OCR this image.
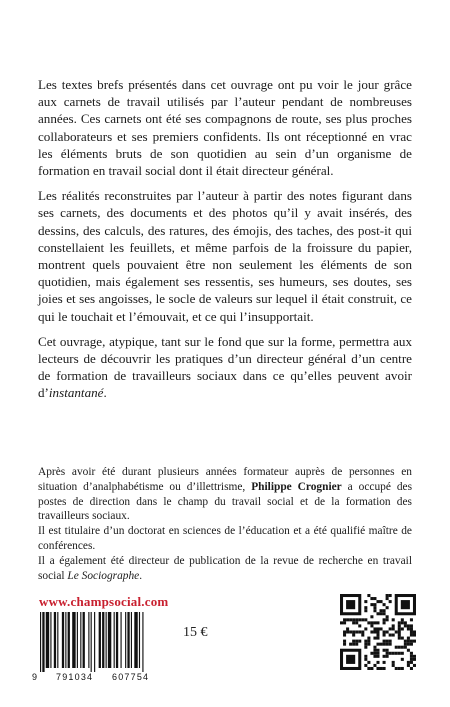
Les textes brefs présentés dans cet ouvrage ont pu voir le jour grâce aux carnets de travail utilisés par l’auteur pendant de nombreuses années. Ces carnets ont été ses compagnons de route, ses plus proches collaborateurs et ses premiers confidents. Ils ont réceptionné en vrac les éléments bruts de son quotidien au sein d’un organisme de formation en travail social dont il était directeur général.

Les réalités reconstruites par l’auteur à partir des notes figurant dans ses carnets, des documents et des photos qu’il y avait insérés, des dessins, des calculs, des ratures, des émojis, des taches, des post-it qui constellaient les feuillets, et même parfois de la froissure du papier, montrent quels pouvaient être non seulement les éléments de son quotidien, mais également ses ressentis, ses humeurs, ses doutes, ses joies et ses angoisses, le socle de valeurs sur lequel il était construit, ce qui le touchait et l’émouvait, et ce qui l’insupportait.

Cet ouvrage, atypique, tant sur le fond que sur la forme, permettra aux lecteurs de découvrir les pratiques d’un directeur général d’un centre de formation de travailleurs sociaux dans ce qu’elles peuvent avoir d’instantané.

Après avoir été durant plusieurs années formateur auprès de personnes en situation d’analphabétisme ou d’illettrisme, Philippe Crognier a occupé des postes de direction dans le champ du travail social et de la formation des travailleurs sociaux.

Il est titulaire d’un doctorat en sciences de l’éducation et a été qualifié maître de conférences.

Il a également été directeur de publication de la revue de recherche en travail social Le Sociographe.

www.champsocial.com
9 791034 607754
15 €
